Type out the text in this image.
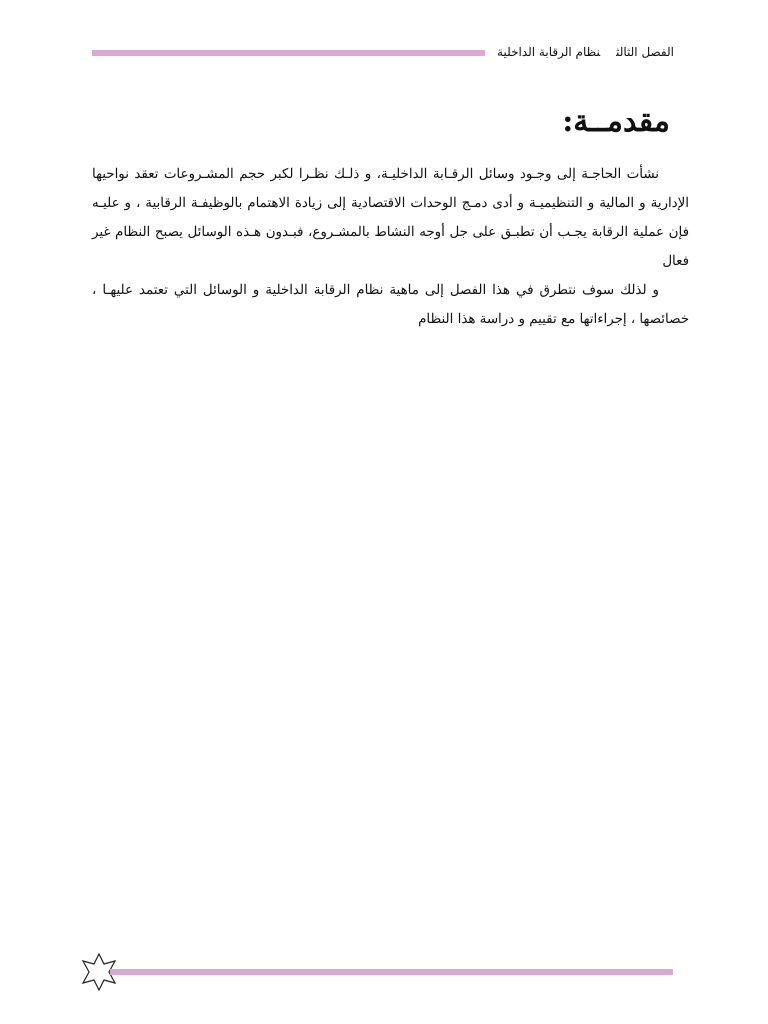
الفصل الثالثنظام الرقابة الداخلية
مقدمــة:

نشأت الحاجـة إلى وجـود وسائل الرقـابة الداخليـة، و ذلـك نظـرا لكبر حجم المشـروعات تعقد نواحيها الإدارية و المالية و التنظيميـة و أدى دمـج الوحدات الاقتصادية إلى زيادة الاهتمام بالوظيفـة الرقابية ، و عليـه فإن عملية الرقابة يجـب أن تطبـق على جل أوجه النشاط بالمشـروع، فبـدون هـذه الوسائل يصبح النظام غير فعال

و لذلك سوف نتطرق في هذا الفصل إلى ماهية نظام الرقابة الداخلية و الوسائل التي تعتمد عليهـا ، خصائصها ، إجراءاتها مع تقييم و دراسة هذا النظام
